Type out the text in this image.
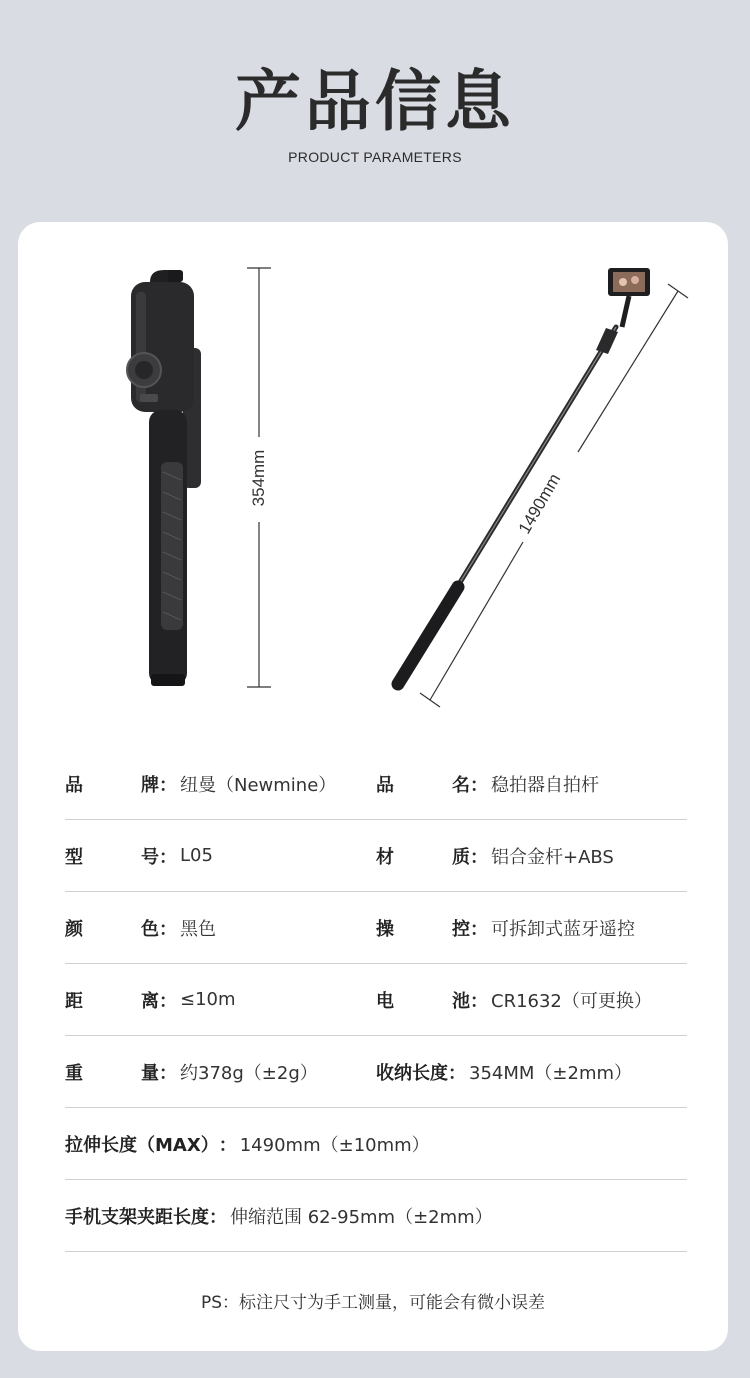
产品信息
PRODUCT PARAMETERS
354mm	1490mm
品	牌 ： 纽曼（Newmine） 品	名 ： 稳拍器自拍杆
型	号 ： L05	材	质 ： 铝合金杆+ABS
颜	色 ： 黑色	操	控 ： 可拆卸式蓝牙遥控
距	离 ： ≤10m	电	池 ： CR1632（可更换）
重	量 ： 约378g（±2g）	收纳长度 ： 354MM（±2mm）
拉伸长度（MAX） ： 1490mm（±10mm）
手机支架夹距长度 ： 伸缩范围 62-95mm（±2mm）
PS：标注尺寸为手工测量，可能会有微小误差
